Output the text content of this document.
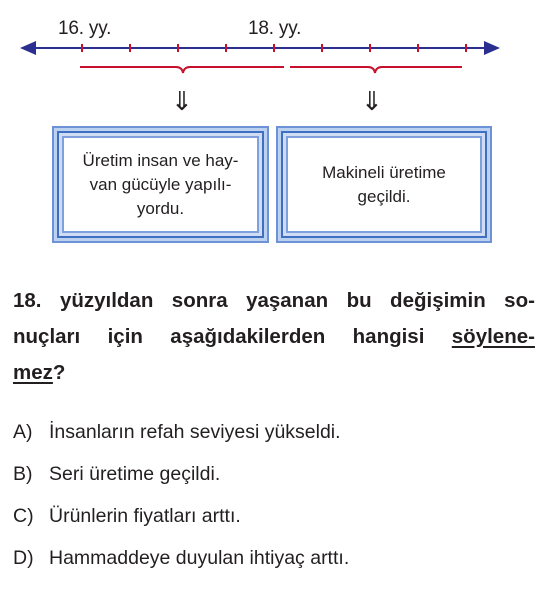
16. yy.	18. yy.
⇓	⇓
Üretim insan ve hay-
van gücüyle yapılı-
yordu.
Makineli üretime
geçildi.
18. yüzyıldan sonra yaşanan bu değişimin so-
nuçları için aşağıdakilerden hangisi söylene-
mez ?
A) İnsanların refah seviyesi yükseldi.
B) Seri üretime geçildi.
C) Ürünlerin fiyatları arttı.
D) Hammaddeye duyulan ihtiyaç arttı.
